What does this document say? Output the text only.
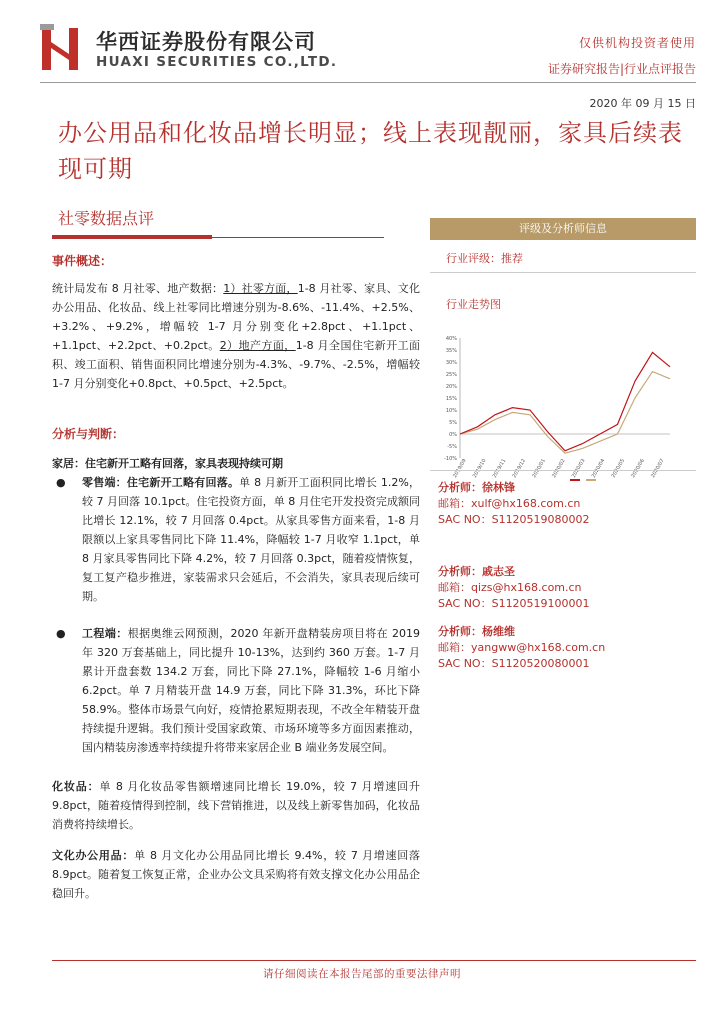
华西证券股份有限公司
HUAXI SECURITIES CO.,LTD.
仅供机构投资者使用
证券研究报告|行业点评报告
2020 年 09 月 15 日
办公用品和化妆品增长明显；线上表现靓丽，家具后续表现可期
社零数据点评
事件概述：

统计局发布 8 月社零、地产数据：1）社零方面，1-8 月社零、家具、文化办公用品、化妆品、线上社零同比增速分别为-8.6%、-11.4%、+2.5%、+3.2%、+9.2%，增幅较 1-7 月分别变化+2.8pct、+1.1pct、+1.1pct、+2.2pct、+0.2pct。2）地产方面，1-8 月全国住宅新开工面积、竣工面积、销售面积同比增速分别为-4.3%、-9.7%、-2.5%，增幅较 1-7 月分别变化+0.8pct、+0.5pct、+2.5pct。

分析与判断：
家居：住宅新开工略有回落，家具表现持续可期

● 零售端：住宅新开工略有回落。单 8 月新开工面积同比增长 1.2%，较 7 月回落 10.1pct。住宅投资方面，单 8 月住宅开发投资完成额同比增长 12.1%，较 7 月回落 0.4pct。从家具零售方面来看，1-8 月限额以上家具零售同比下降 11.4%，降幅较 1-7 月收窄 1.1pct，单 8 月家具零售同比下降 4.2%，较 7 月回落 0.3pct，随着疫情恢复，复工复产稳步推进，家装需求只会延后，不会消失，家具表现后续可期。

● 工程端：根据奥维云网预测，2020 年新开盘精装房项目将在 2019 年 320 万套基础上，同比提升 10-13%，达到约 360 万套。1-7 月累计开盘套数 134.2 万套，同比下降 27.1%，降幅较 1-6 月缩小 6.2pct。单 7 月精装开盘 14.9 万套，同比下降 31.3%，环比下降 58.9%。整体市场景气向好，疫情抢累短期表现，不改全年精装开盘持续提升逻辑。我们预计受国家政策、市场环境等多方面因素推动，国内精装房渗透率持续提升将带来家居企业 B 端业务发展空间。

化妆品：单 8 月化妆品零售额增速同比增长 19.0%，较 7 月增速回升 9.8pct，随着疫情得到控制，线下营销推进，以及线上新零售加码，化妆品消费将持续增长。

文化办公用品：单 8 月文化办公用品同比增长 9.4%，较 7 月增速回落 8.9pct。随着复工恢复正常，企业办公文具采购将有效支撑文化办公用品企稳回升。

评级及分析师信息
行业评级：推荐
行业走势图
40%
35%
30%
25%
20%
15%
10%
5%
0%
-5%
-10%
2019/09 2019/10 2019/11 2019/12 2020/01 2020/02 2020/03 2020/04 2020/05 2020/06 2020/07
分析师：徐林锋
邮箱：xulf@hx168.com.cn
SAC NO：S1120519080002
分析师：戚志圣
邮箱：qizs@hx168.com.cn
SAC NO：S1120519100001
分析师：杨维维
邮箱：yangww@hx168.com.cn
SAC NO：S1120520080001
请仔细阅读在本报告尾部的重要法律声明
